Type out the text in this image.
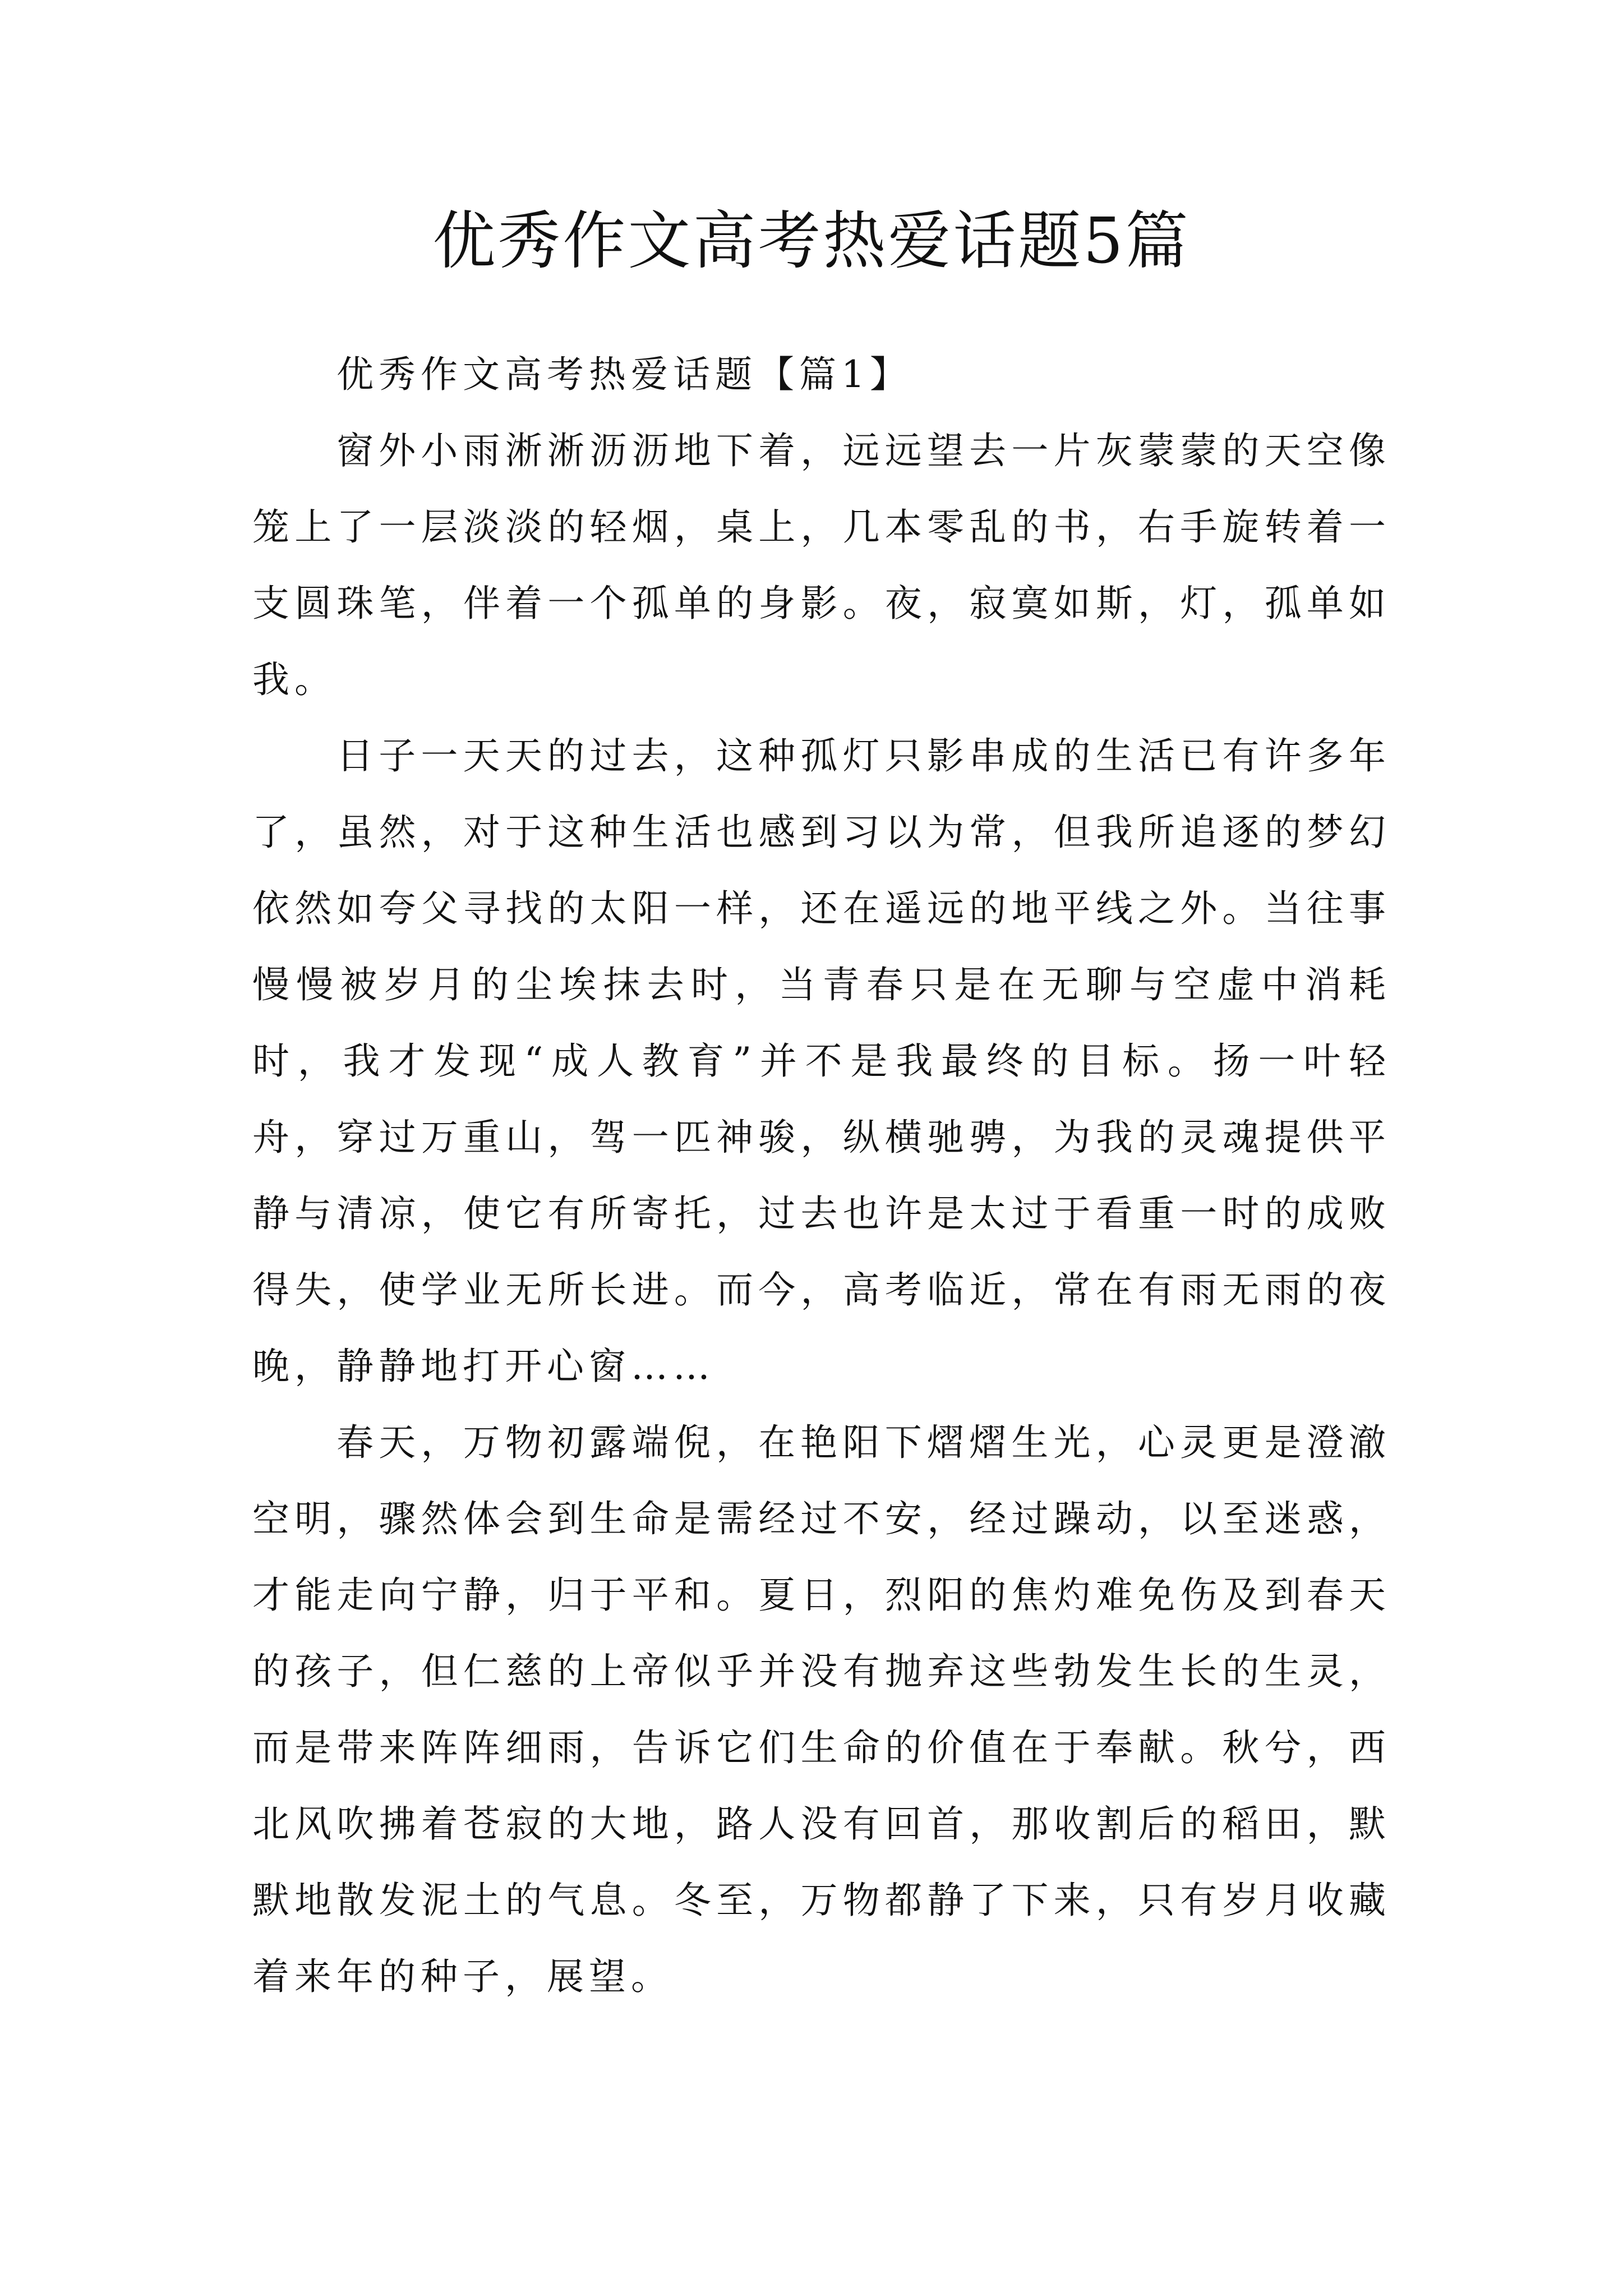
优秀作文高考热爱话题5篇

优秀作文高考热爱话题【篇1】

窗外小雨淅淅沥沥地下着，远远望去一片灰蒙蒙的天空像笼上了一层淡淡的轻烟，桌上，几本零乱的书，右手旋转着一支圆珠笔，伴着一个孤单的身影。夜，寂寞如斯，灯，孤单如我。

日子一天天的过去，这种孤灯只影串成的生活已有许多年了，虽然，对于这种生活也感到习以为常，但我所追逐的梦幻依然如夸父寻找的太阳一样，还在遥远的地平线之外。当往事慢慢被岁月的尘埃抹去时，当青春只是在无聊与空虚中消耗时，我才发现“成人教育”并不是我最终的目标。扬一叶轻舟，穿过万重山，驾一匹神骏，纵横驰骋，为我的灵魂提供平静与清凉，使它有所寄托，过去也许是太过于看重一时的成败得失，使学业无所长进。而今，高考临近，常在有雨无雨的夜晚，静静地打开心窗……

春天，万物初露端倪，在艳阳下熠熠生光，心灵更是澄澈空明，骤然体会到生命是需经过不安，经过躁动，以至迷惑，才能走向宁静，归于平和。夏日，烈阳的焦灼难免伤及到春天的孩子，但仁慈的上帝似乎并没有抛弃这些勃发生长的生灵，而是带来阵阵细雨，告诉它们生命的价值在于奉献。秋兮，西北风吹拂着苍寂的大地，路人没有回首，那收割后的稻田，默默地散发泥土的气息。冬至，万物都静了下来，只有岁月收藏着来年的种子，展望。
